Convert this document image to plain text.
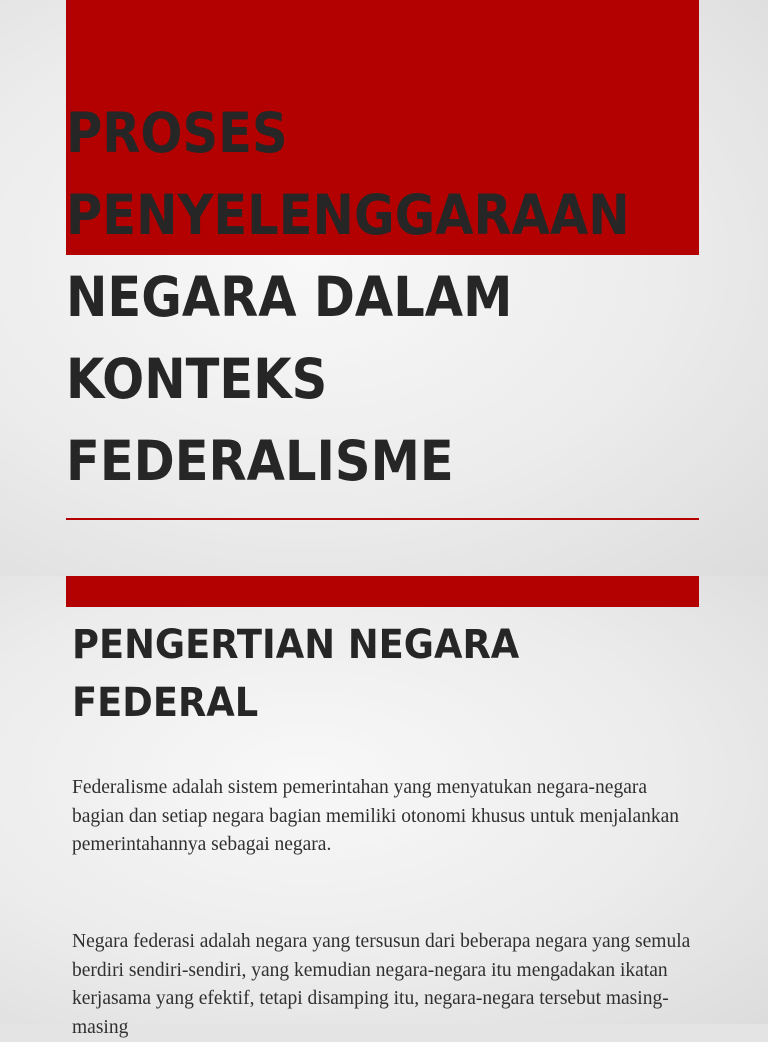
PROSES
PENYELENGGARAAN
NEGARA DALAM KONTEKS
FEDERALISME
PENGERTIAN NEGARA
FEDERAL

Federalisme adalah sistem pemerintahan yang menyatukan negara-negara bagian dan setiap negara bagian memiliki otonomi khusus untuk menjalankan pemerintahannya sebagai negara.

Negara federasi adalah negara yang tersusun dari beberapa negara yang semula berdiri sendiri-sendiri, yang kemudian negara-negara itu mengadakan ikatan kerjasama yang efektif, tetapi disamping itu, negara-negara tersebut masing-masing
